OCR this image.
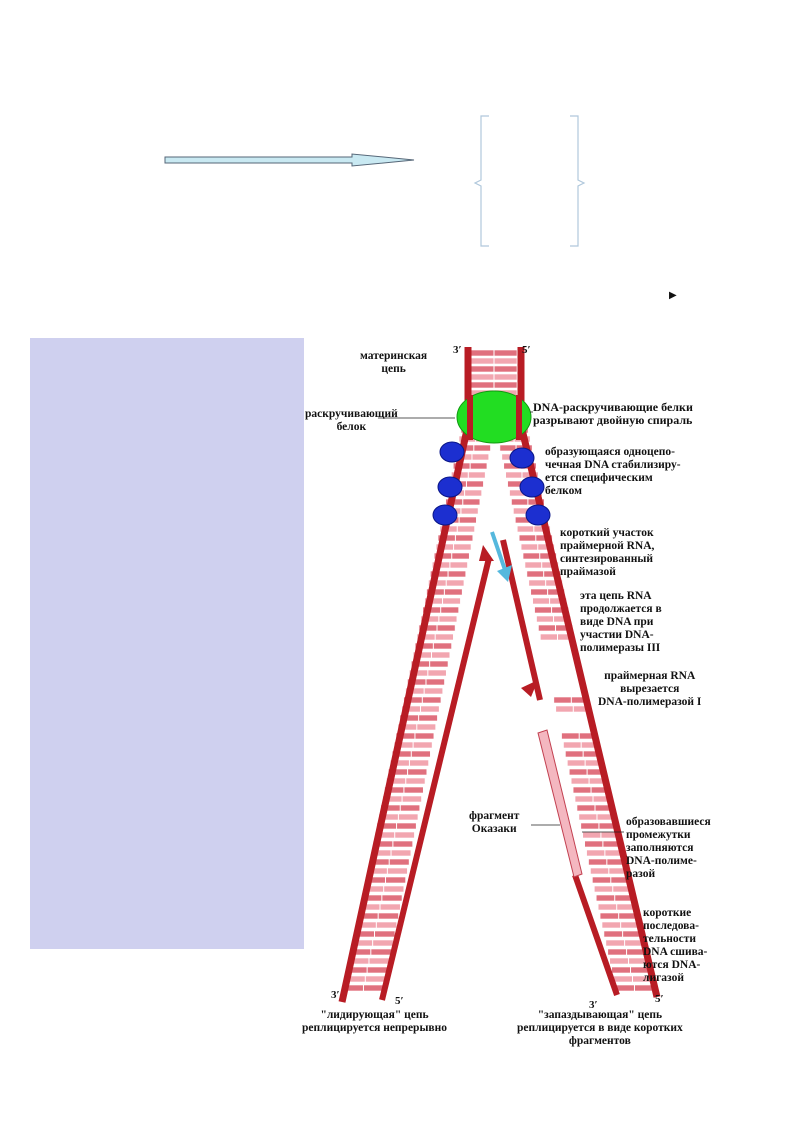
▶
материнская
цепь
раскручивающий
белок
DNA-раскручивающие белки
разрывают двойную спираль
образующаяся одноцепо-
чечная DNA стабилизиру-
ется специфическим
белком
короткий участок
праймерной RNA,
синтезированный
праймазой
эта цепь RNA
продолжается в
виде DNA при
участии DNA-
полимеразы III
праймерная RNA
вырезается
DNA-полимеразой I
фрагмент
Оказаки
образовавшиеся
промежутки
заполняются
DNA-полиме-
разой
короткие
последова-
тельности
DNA сшива-
ются DNA-
лигазой
"лидирующая" цепь
реплицируется непрерывно
"запаздывающая" цепь
реплицируется в виде коротких
фрагментов
3′	5′
3′	5′	3′	5′
